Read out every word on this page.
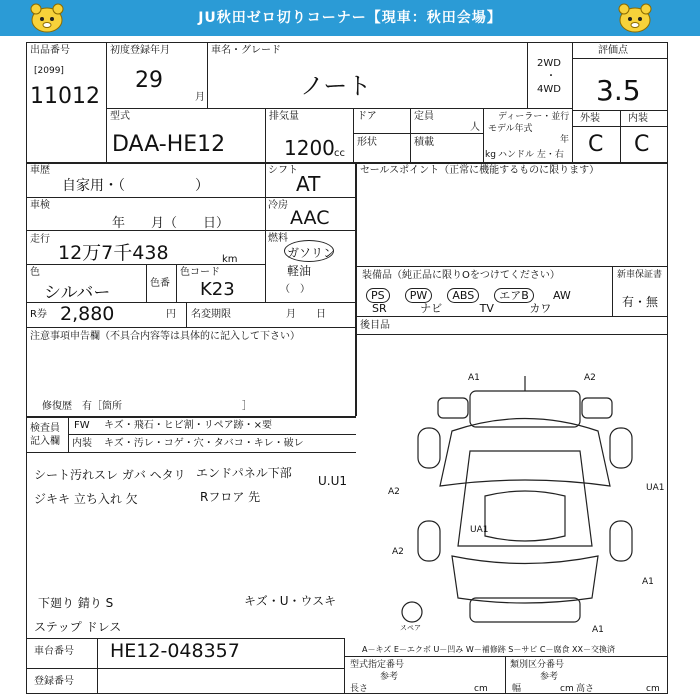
JU秋田ゼロ切りコーナー【現車：秋田会場】
出品番号
[2099]
11012
初度登録年月
29
月
車名・グレード
ノート
2WD
・
4WD
評価点
3.5
外装	内装
C C
型式
DAA-HE12
排気量
1200 cc
ドア	定員
人
形状	積載
kg
ディーラー・並行
モデル年式
年
ハンドル 左・右
車歴
自家用・（　　　　　）
車検
年　　月（　　日）
走行
12万7千438	km
色
シルバー	色番
色コード
K23
シフト
AT
冷房
AAC
燃料
ガソリン
軽油
（　）
R券 2,880	円 名変期限	月　　日
注意事項申告欄（不具合内容等は具体的に記入して下さい）
修復歴　有［箇所　　　　　　　　　　　　］
セールスポイント（正常に機能するものに限ります）
装備品（純正品に限りOをつけてください）	新車保証書
有・無
PS PW ABS エアB AW
SR	ナビ	TV	カワ
後目品
検査員記入欄
FW キズ・飛石・ヒビ割・リペア跡・×要
内装 キズ・汚レ・コゲ・穴・タバコ・キレ・破レ
シート汚れスレ ガバ ヘタリ エンドパネル下部
U.U1
ジキキ 立ち入れ 欠	Rフロア 先
下廻り 錆り S	キズ・U・ウスキ
ステップ ドレス
A1	A2
A2	UA1
UA1
A2
A1
A1
スペア
A－キズ E－エクボ U－凹み W－補修跡 S－サビ C－腐食 XX－交換済
車台番号 HE12-048357
登録番号
型式指定番号	類別区分番号
参考	参考
長さ	cm	幅	cm 高さ	cm
